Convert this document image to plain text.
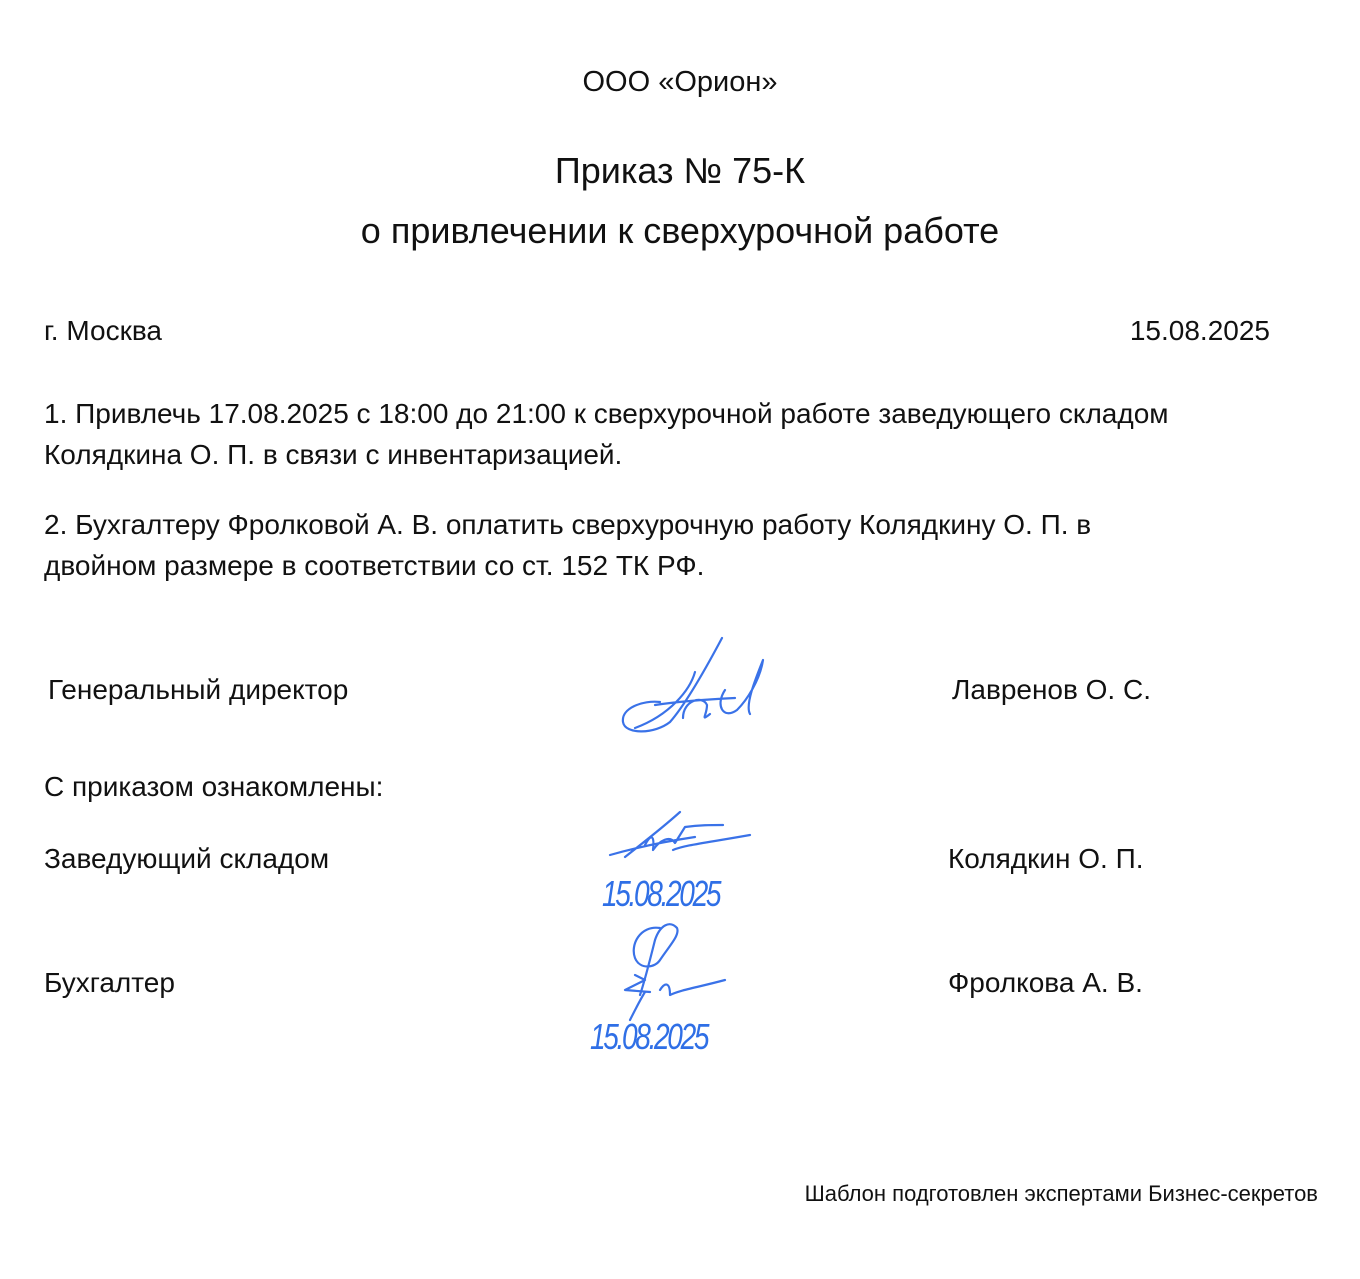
ООО «Орион»
Приказ № 75-К
о привлечении к сверхурочной работе
г. Москва	15.08.2025
1. Привлечь 17.08.2025 с 18:00 до 21:00 к сверхурочной работе заведующего складом Колядкина О. П. в связи с инвентаризацией.
2. Бухгалтеру Фролковой А. В. оплатить сверхурочную работу Колядкину О. П. в двойном размере в соответствии со ст. 152 ТК РФ.
Генеральный директор	Лавренов О. С.
С приказом ознакомлены:
Заведующий складом
15.08.2025
Колядкин О. П.
Бухгалтер
15.08.2025
Фролкова А. В.
Шаблон подготовлен экспертами Бизнес-секретов
